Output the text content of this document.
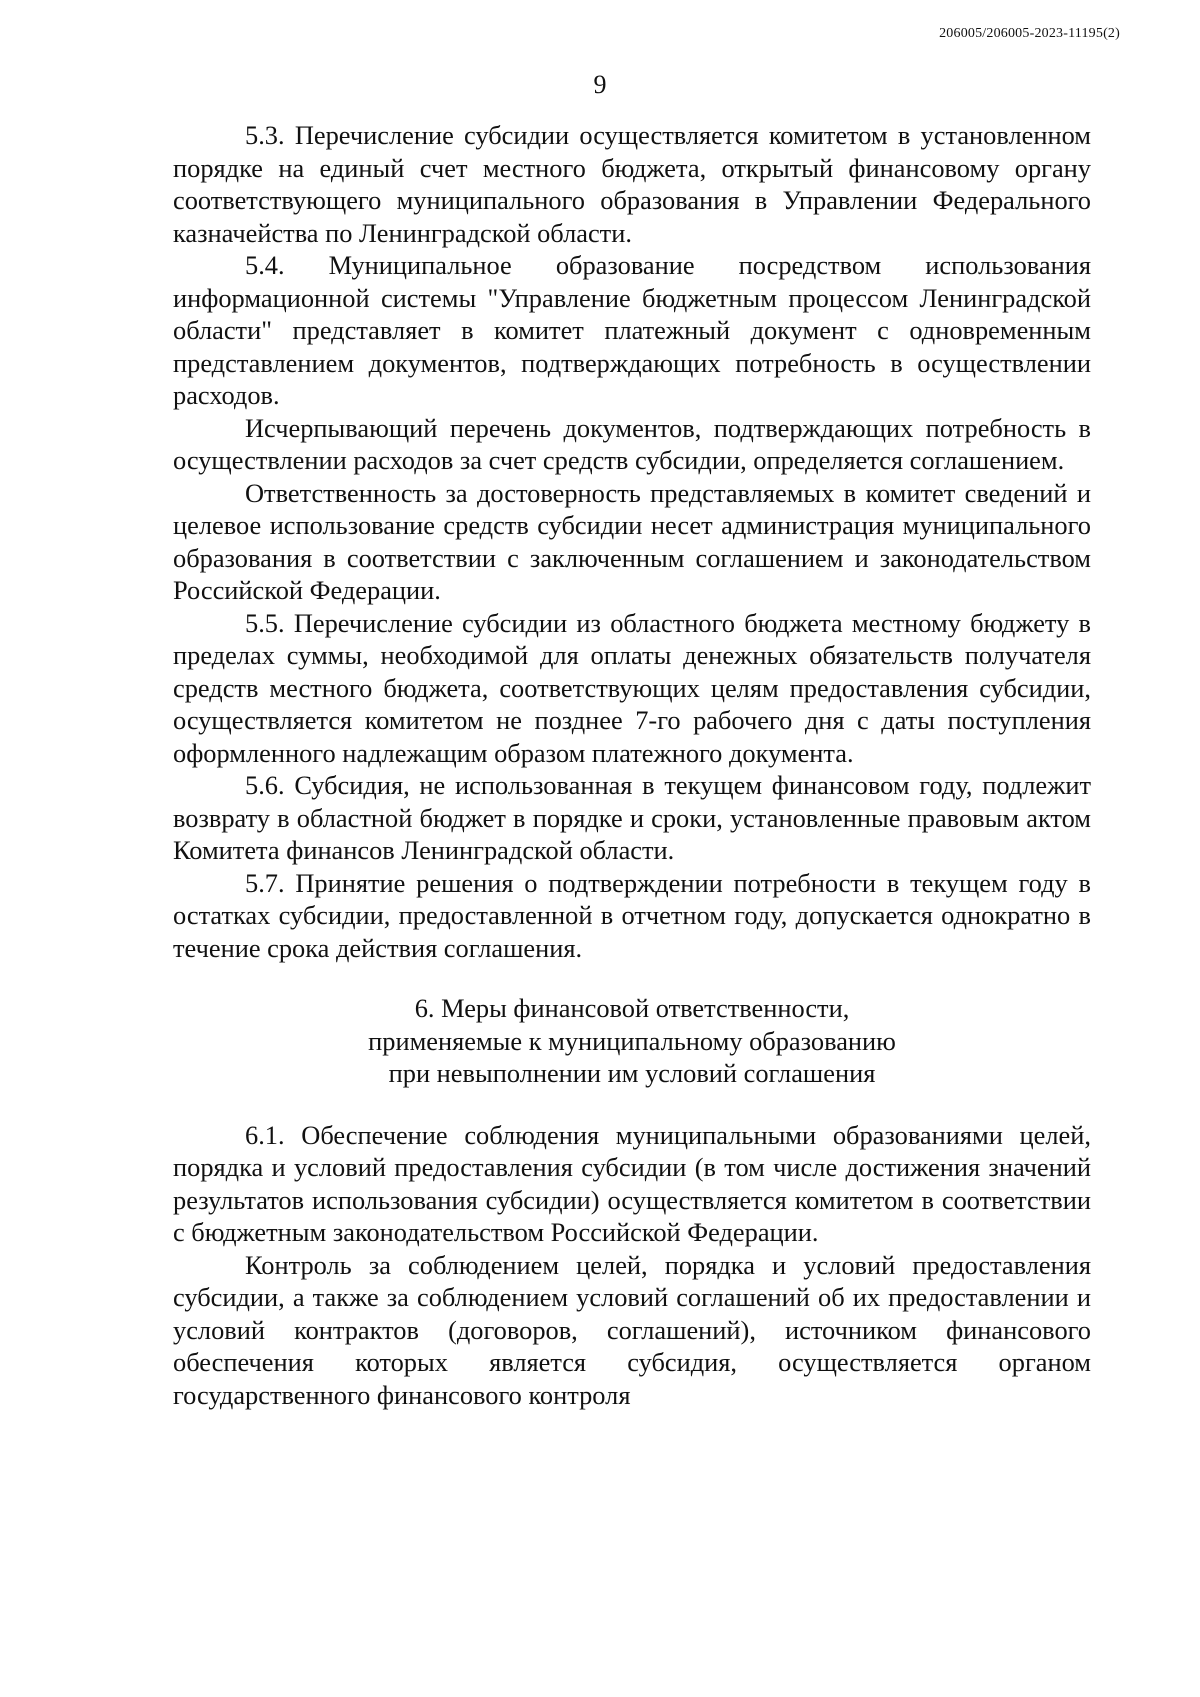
206005/206005-2023-11195(2)
9

5.3. Перечисление субсидии осуществляется комитетом в установленном порядке на единый счет местного бюджета, открытый финансовому органу соответствующего муниципального образования в Управлении Федерального казначейства по Ленинградской области.

5.4. Муниципальное образование посредством использования информационной системы "Управление бюджетным процессом Ленинградской области" представляет в комитет платежный документ с одновременным представлением документов, подтверждающих потребность в осуществлении расходов.

Исчерпывающий перечень документов, подтверждающих потребность в осуществлении расходов за счет средств субсидии, определяется соглашением.

Ответственность за достоверность представляемых в комитет сведений и целевое использование средств субсидии несет администрация муниципального образования в соответствии с заключенным соглашением и законодательством Российской Федерации.

5.5. Перечисление субсидии из областного бюджета местному бюджету в пределах суммы, необходимой для оплаты денежных обязательств получателя средств местного бюджета, соответствующих целям предоставления субсидии, осуществляется комитетом не позднее 7-го рабочего дня с даты поступления оформленного надлежащим образом платежного документа.

5.6. Субсидия, не использованная в текущем финансовом году, подлежит возврату в областной бюджет в порядке и сроки, установленные правовым актом Комитета финансов Ленинградской области.

5.7. Принятие решения о подтверждении потребности в текущем году в остатках субсидии, предоставленной в отчетном году, допускается однократно в течение срока действия соглашения.

6. Меры финансовой ответственности,
применяемые к муниципальному образованию
при невыполнении им условий соглашения

6.1. Обеспечение соблюдения муниципальными образованиями целей, порядка и условий предоставления субсидии (в том числе достижения значений результатов использования субсидии) осуществляется комитетом в соответствии с бюджетным законодательством Российской Федерации.

Контроль за соблюдением целей, порядка и условий предоставления субсидии, а также за соблюдением условий соглашений об их предоставлении и условий контрактов (договоров, соглашений), источником финансового обеспечения которых является субсидия, осуществляется органом государственного финансового контроля
